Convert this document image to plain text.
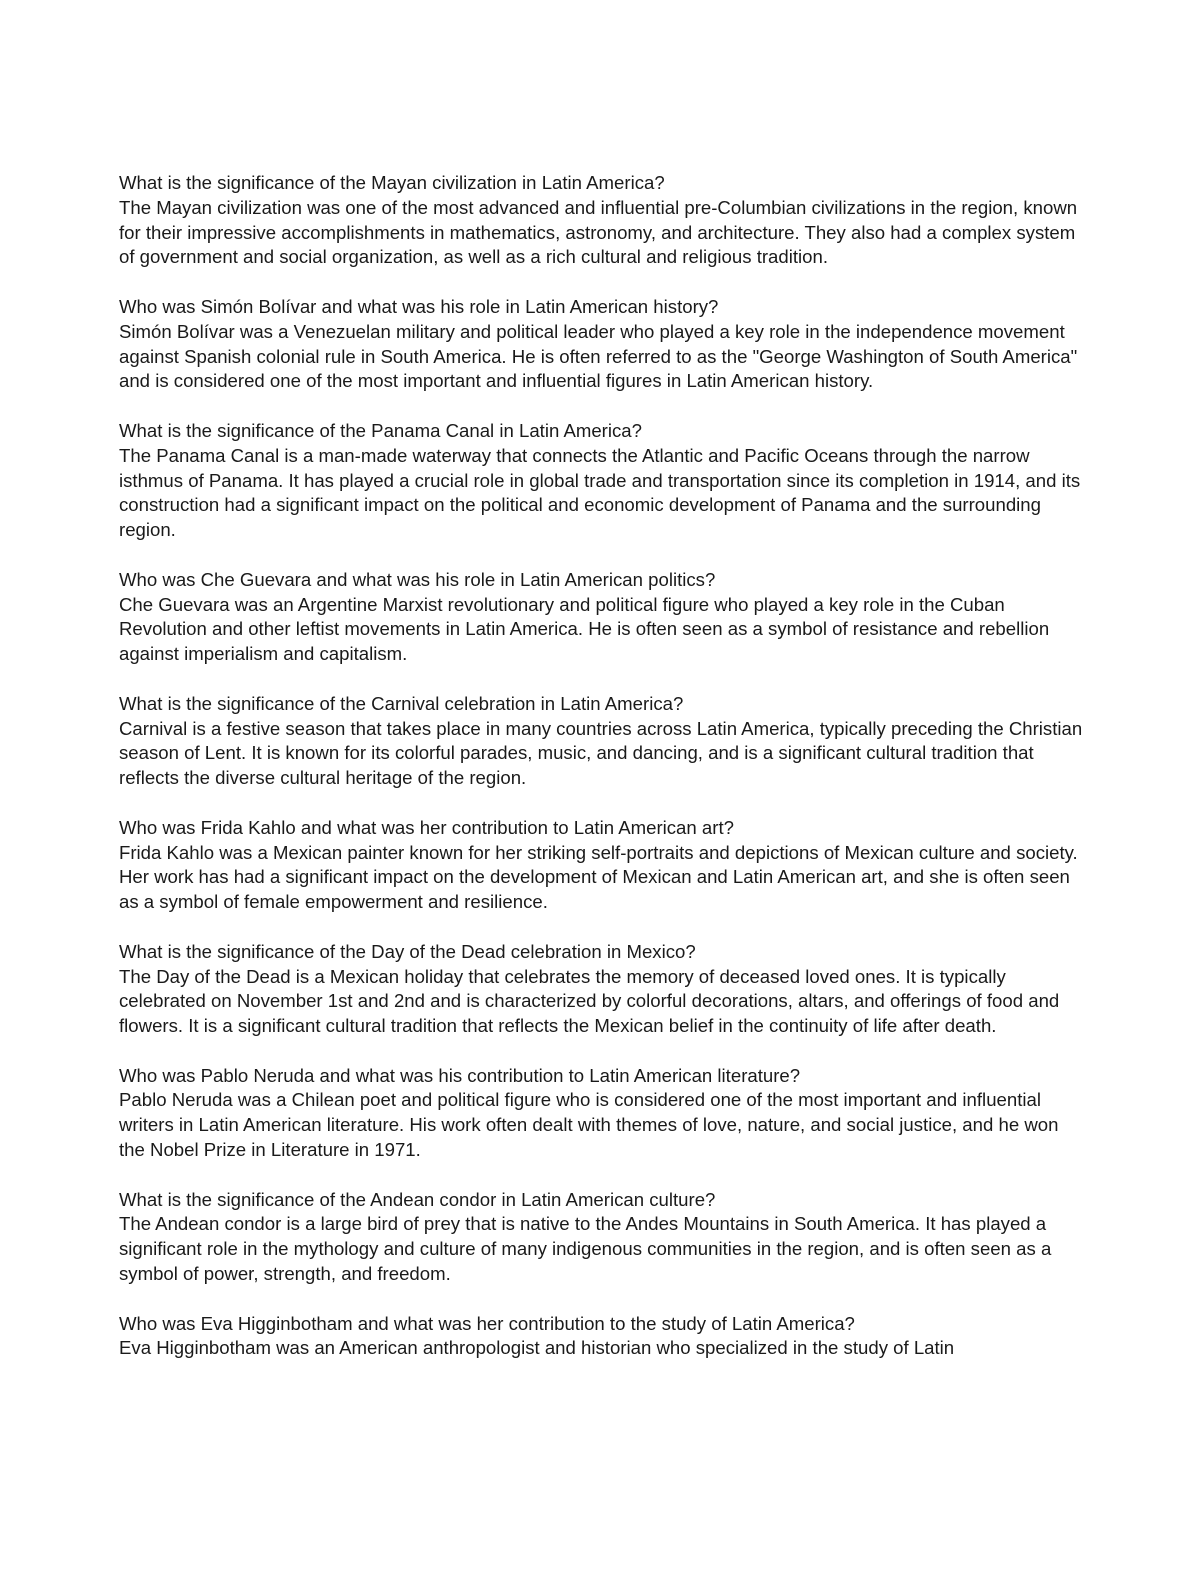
What is the significance of the Mayan civilization in Latin America?

The Mayan civilization was one of the most advanced and influential pre-Columbian civilizations in the region, known for their impressive accomplishments in mathematics, astronomy, and architecture. They also had a complex system of government and social organization, as well as a rich cultural and religious tradition.

Who was Simón Bolívar and what was his role in Latin American history?

Simón Bolívar was a Venezuelan military and political leader who played a key role in the independence movement against Spanish colonial rule in South America. He is often referred to as the "George Washington of South America" and is considered one of the most important and influential figures in Latin American history.

What is the significance of the Panama Canal in Latin America?

The Panama Canal is a man-made waterway that connects the Atlantic and Pacific Oceans through the narrow isthmus of Panama. It has played a crucial role in global trade and transportation since its completion in 1914, and its construction had a significant impact on the political and economic development of Panama and the surrounding region.

Who was Che Guevara and what was his role in Latin American politics?

Che Guevara was an Argentine Marxist revolutionary and political figure who played a key role in the Cuban Revolution and other leftist movements in Latin America. He is often seen as a symbol of resistance and rebellion against imperialism and capitalism.

What is the significance of the Carnival celebration in Latin America?

Carnival is a festive season that takes place in many countries across Latin America, typically preceding the Christian season of Lent. It is known for its colorful parades, music, and dancing, and is a significant cultural tradition that reflects the diverse cultural heritage of the region.

Who was Frida Kahlo and what was her contribution to Latin American art?

Frida Kahlo was a Mexican painter known for her striking self-portraits and depictions of Mexican culture and society. Her work has had a significant impact on the development of Mexican and Latin American art, and she is often seen as a symbol of female empowerment and resilience.

What is the significance of the Day of the Dead celebration in Mexico?

The Day of the Dead is a Mexican holiday that celebrates the memory of deceased loved ones. It is typically celebrated on November 1st and 2nd and is characterized by colorful decorations, altars, and offerings of food and flowers. It is a significant cultural tradition that reflects the Mexican belief in the continuity of life after death.

Who was Pablo Neruda and what was his contribution to Latin American literature?

Pablo Neruda was a Chilean poet and political figure who is considered one of the most important and influential writers in Latin American literature. His work often dealt with themes of love, nature, and social justice, and he won the Nobel Prize in Literature in 1971.

What is the significance of the Andean condor in Latin American culture?

The Andean condor is a large bird of prey that is native to the Andes Mountains in South America. It has played a significant role in the mythology and culture of many indigenous communities in the region, and is often seen as a symbol of power, strength, and freedom.

Who was Eva Higginbotham and what was her contribution to the study of Latin America?

Eva Higginbotham was an American anthropologist and historian who specialized in the study of Latin
